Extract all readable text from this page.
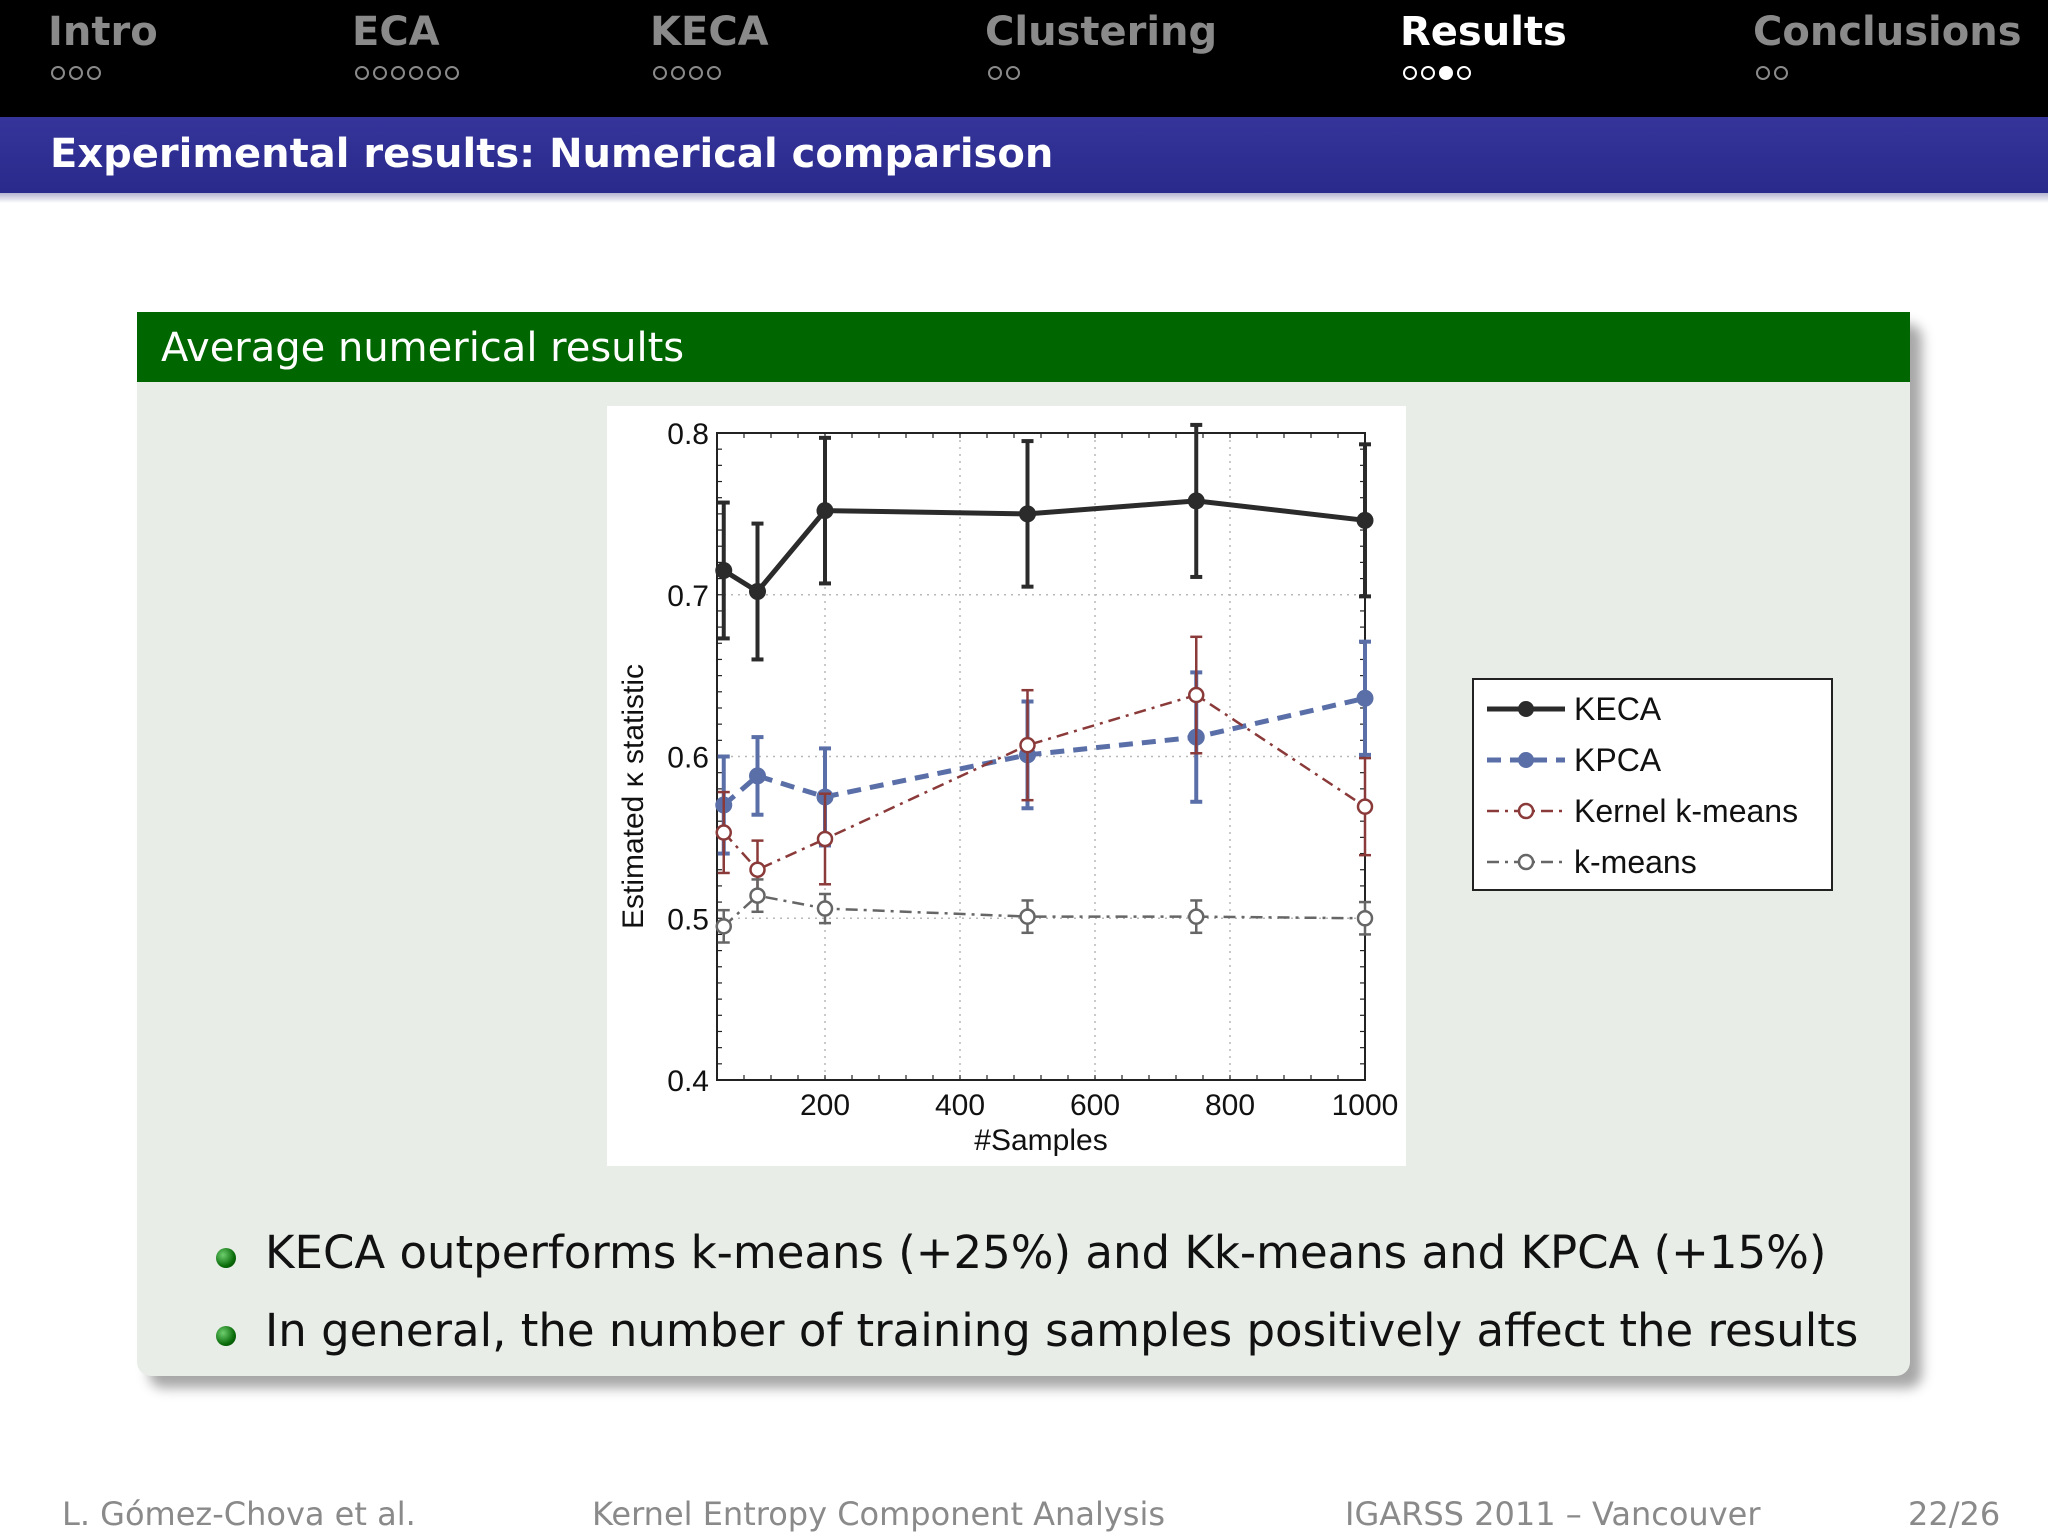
Intro	ECA	KECA	Clustering	Results	Conclusions
Experimental results: Numerical comparison
Average numerical results
200	400	600	800	1000
0.4
0.5
0.6
0.7
0.8
#Samples
Estimated κ statistic	KECA
KPCA
Kernel k-means
k-means
KECA outperforms k-means (+25%) and Kk-means and KPCA (+15%)
In general, the number of training samples positively affect the results
L. Gómez-Chova et al.	Kernel Entropy Component Analysis	IGARSS 2011 – Vancouver	22/26
